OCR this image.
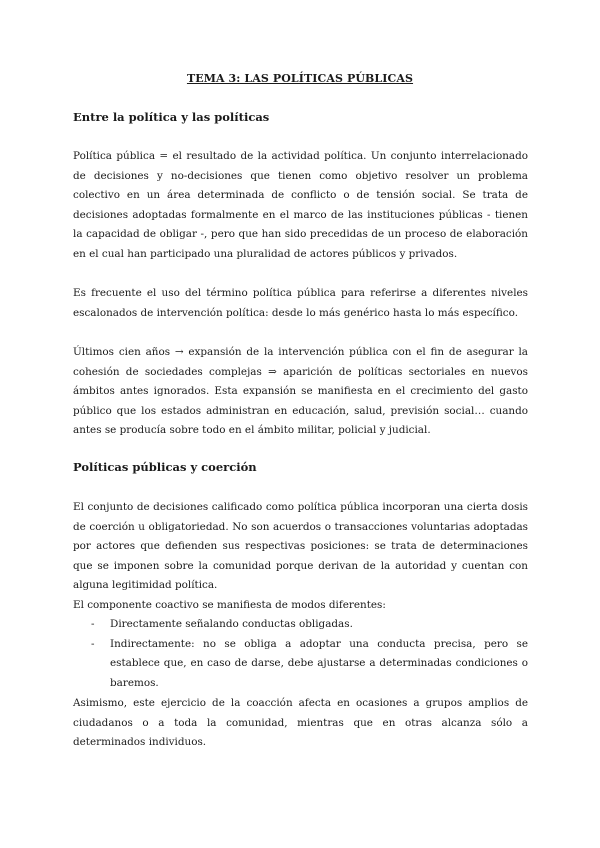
TEMA 3: LAS POLÍTICAS PÚBLICAS
Entre la política y las políticas
Política pública = el resultado de la actividad política. Un conjunto interrelacionado de decisiones y no-decisiones que tienen como objetivo resolver un problema colectivo en un área determinada de conflicto o de tensión social. Se trata de decisiones adoptadas formalmente en el marco de las instituciones públicas - tienen la capacidad de obligar -, pero que han sido precedidas de un proceso de elaboración en el cual han participado una pluralidad de actores públicos y privados.
Es frecuente el uso del término política pública para referirse a diferentes niveles escalonados de intervención política: desde lo más genérico hasta lo más específico.
Últimos cien años → expansión de la intervención pública con el fin de asegurar la cohesión de sociedades complejas ⇒ aparición de políticas sectoriales en nuevos ámbitos antes ignorados. Esta expansión se manifiesta en el crecimiento del gasto público que los estados administran en educación, salud, previsión social… cuando antes se producía sobre todo en el ámbito militar, policial y judicial.
Políticas públicas y coerción
El conjunto de decisiones calificado como política pública incorporan una cierta dosis de coerción u obligatoriedad. No son acuerdos o transacciones voluntarias adoptadas por actores que defienden sus respectivas posiciones: se trata de determinaciones que se imponen sobre la comunidad porque derivan de la autoridad y cuentan con alguna legitimidad política.
El componente coactivo se manifiesta de modos diferentes:
- Directamente señalando conductas obligadas.
- Indirectamente: no se obliga a adoptar una conducta precisa, pero se establece que, en caso de darse, debe ajustarse a determinadas condiciones o baremos.
Asimismo, este ejercicio de la coacción afecta en ocasiones a grupos amplios de ciudadanos o a toda la comunidad, mientras que en otras alcanza sólo a determinados individuos.
